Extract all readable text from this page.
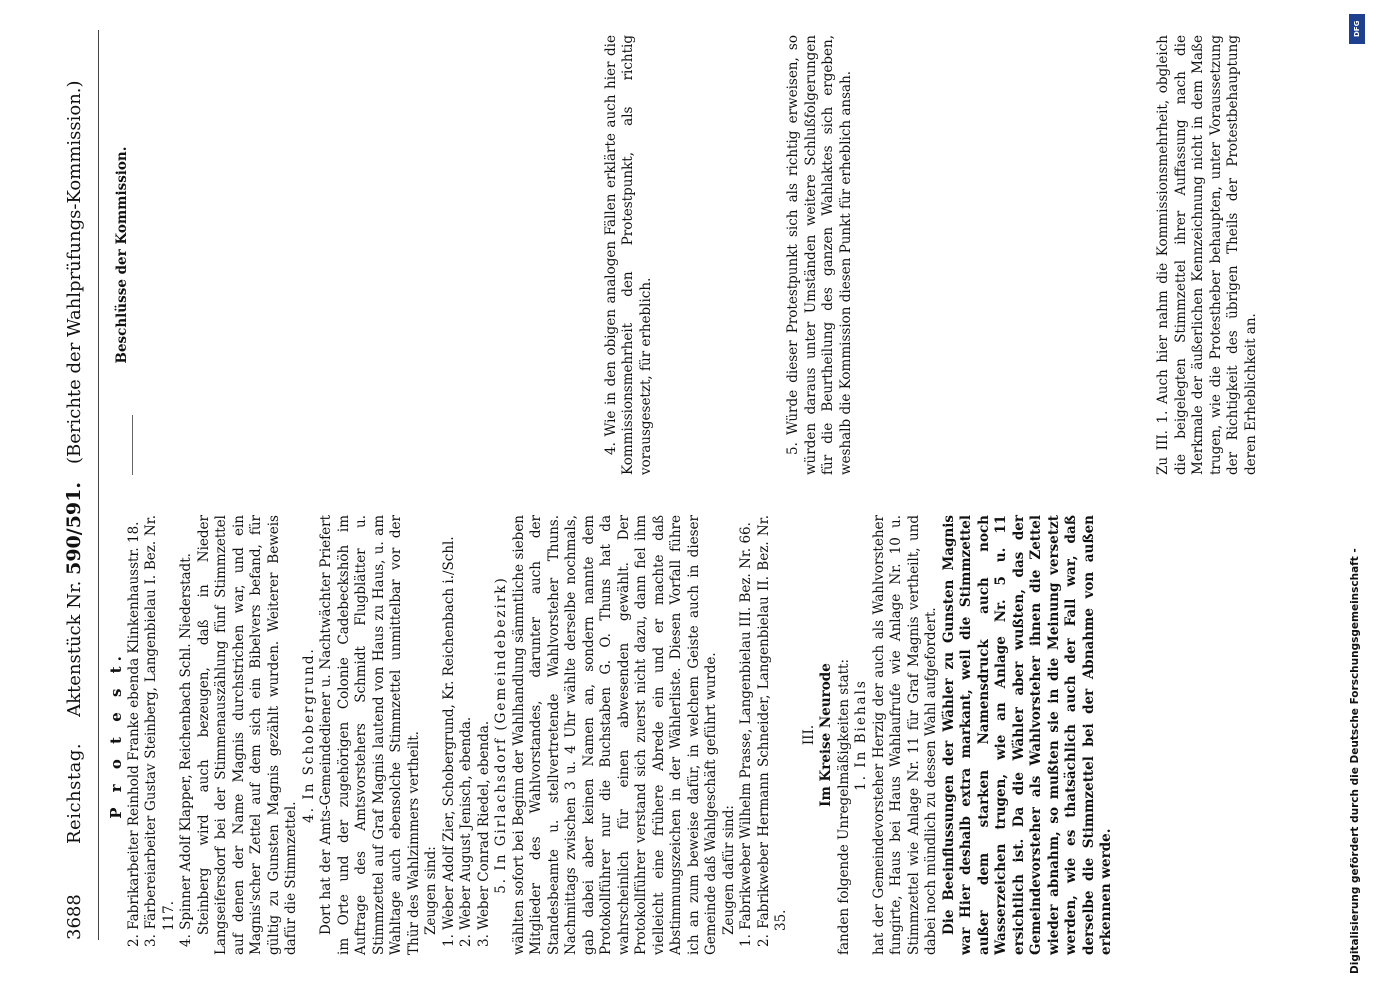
3688
Reichstag.
Aktenstück Nr. 590/591.
(Berichte der Wahlprüfungs-Kommission.)
P r o t e s t. 2. Fabrikarbeiter Reinhold Franke ebenda Klinkenhausstr. 18. 3. Färbereiarbeiter Gustav Steinberg, Langenbielau I. Bez. Nr. 117. 4. Spinner Adolf Klapper, Reichenbach Schl. Niederstadt. Steinberg wird auch bezeugen, daß in Nieder Langseifersdorf bei der Stimmenauszählung fünf Stimmzettel auf denen der Name Magnis durchstrichen war, und ein Magnis'scher Zettel auf dem sich ein Bibelvers befand, für gültig zu Gunsten Magnis gezählt wurden. Weiterer Beweis dafür die Stimmzettel.

4. In Schobergrund. Dort hat der Amts-Gemeindediener u. Nachtwächter Priefert im Orte und der zugehörigen Colonie Cadebeckshöh im Auftrage des Amtsvorstehers Schmidt Flugblätter u. Stimmzettel auf Graf Magnis lautend von Haus zu Haus, u. am Wahltage auch ebensolche Stimmzettel unmittelbar vor der Thür des Wahlzimmers vertheilt. Zeugen sind: 1. Weber Adolf Zier, Schobergrund, Kr. Reichenbach i./Schl. 2. Weber August Jenisch, ebenda. 3. Weber Conrad Riedel, ebenda. 5. In Girlachsdorf (Gemeindebezirk) wählten sofort bei Beginn der Wahlhandlung sämmtliche sieben Mitglieder des Wahlvorstandes, darunter auch der Standesbeamte u. stellvertretende Wahlvorsteher Thuns. Nachmittags zwischen 3 u. 4 Uhr wählte derselbe nochmals, gab dabei aber keinen Namen an, sondern nannte dem Protokollführer nur die Buchstaben G. O. Thuns hat da wahrscheinlich für einen abwesenden gewählt. Der Protokollführer verstand sich zuerst nicht dazu, dann fiel ihm vielleicht eine frühere Abrede ein und er machte daß Abstimmungszeichen in der Wählerliste. Diesen Vorfall führe ich an zum beweise dafür, in welchem Geiste auch in dieser Gemeinde daß Wahlgeschäft geführt wurde. Zeugen dafür sind: 1. Fabrikweber Wilhelm Prasse, Langenbielau III. Bez. Nr. 66. 2. Fabrikweber Hermann Schneider, Langenbielau II. Bez. Nr. 35.

III. Im Kreise Neurode fanden folgende Unregelmäßigkeiten statt: 1. In Biehals hat der Gemeindevorsteher Herzig der auch als Wahlvorsteher fungirte, Haus bei Haus Wahlaufrufe wie Anlage Nr. 10 u. Stimmzettel wie Anlage Nr. 11 für Graf Magnis vertheilt, und dabei noch mündlich zu dessen Wahl aufgefordert. Die Beeinflussungen der Wähler zu Gunsten Magnis war Hier deshalb extra markant, weil die Stimmzettel außer dem starken Namensdruck auch noch Wasserzeichen trugen, wie an Anlage Nr. 5 u. 11 ersichtlich ist. Da die Wähler aber wußten, das der Gemeindevorsteher als Wahlvorsteher ihnen die Zettel wieder abnahm, so mußten sie in die Meinung versetzt werden, wie es thatsächlich auch der Fall war, daß derselbe die Stimmzettel bei der Abnahme von außen erkennen werde.

Beschlüsse der Kommission.	4. Wie in den obigen analogen Fällen erklärte auch hier die Kommissionsmehrheit den Protestpunkt, als richtig vorausgesetzt, für erheblich.	5. Würde dieser Protestpunkt sich als richtig erweisen, so würden daraus unter Umständen weitere Schlußfolgerungen für die Beurtheilung des ganzen Wahlaktes sich ergeben, weshalb die Kommission diesen Punkt für erheblich ansah.	Zu III. 1. Auch hier nahm die Kommissionsmehrheit, obgleich die beigelegten Stimmzettel ihrer Auffassung nach die Merkmale der äußerlichen Kennzeichnung nicht in dem Maße trugen, wie die Protestheber behaupten, unter Voraussetzung der Richtigkeit des übrigen Theils der Protestbehauptung deren Erheblichkeit an.

DFG
Digitalisierung gefördert durch die Deutsche Forschungsgemeinschaft -
